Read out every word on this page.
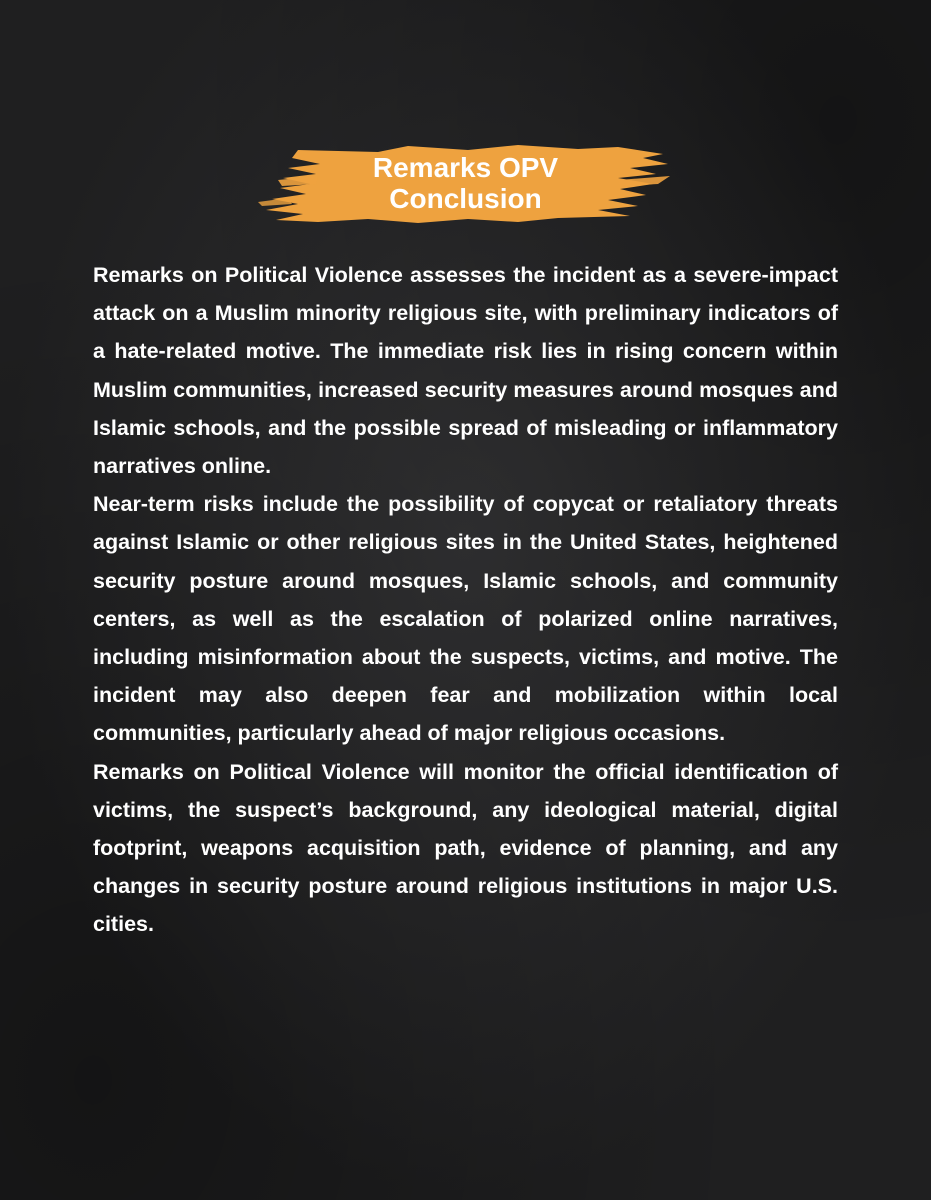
Remarks OPV
Conclusion

Remarks on Political Violence assesses the incident as a severe-impact attack on a Muslim minority religious site, with preliminary indicators of a hate-related motive. The immediate risk lies in rising concern within Muslim communities, increased security measures around mosques and Islamic schools, and the possible spread of misleading or inflammatory narratives online.

Near-term risks include the possibility of copycat or retaliatory threats against Islamic or other religious sites in the United States, heightened security posture around mosques, Islamic schools, and community centers, as well as the escalation of polarized online narratives, including misinformation about the suspects, victims, and motive. The incident may also deepen fear and mobilization within local communities, particularly ahead of major religious occasions.

Remarks on Political Violence will monitor the official identification of victims, the suspect’s background, any ideological material, digital footprint, weapons acquisition path, evidence of planning, and any changes in security posture around religious institutions in major U.S. cities.
